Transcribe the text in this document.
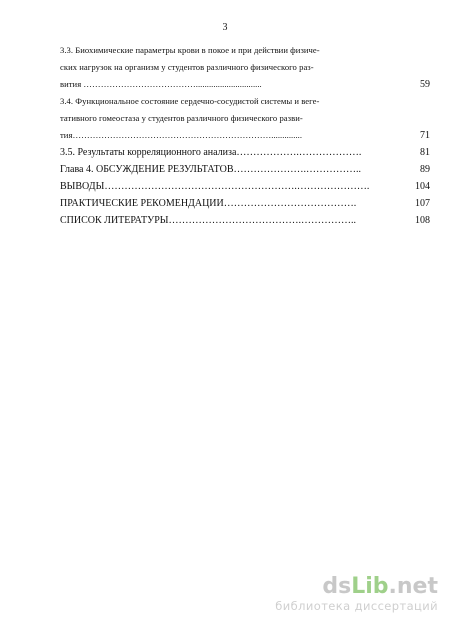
3
3.3. Биохимические параметры крови в покое и при действии физиче-
ских нагрузок на организм у студентов различного физического раз-
вития …………………………………..............................	59
3.4. Функциональное состояние сердечно-сосудистой системы и веге-
тативного гомеостаза у студентов различного физического разви-
тия……………………………………………………………..............	71
3.5. Результаты корреляционного анализа……………….……………….	81
Глава 4. ОБСУЖДЕНИЕ РЕЗУЛЬТАТОВ………………….……………..	89
ВЫВОДЫ………………………………………………….………………….	104
ПРАКТИЧЕСКИЕ РЕКОМЕНДАЦИИ………………………………….	107
СПИСОК ЛИТЕРАТУРЫ………………………………….……………..	108
dsLib.net
библиотека диссертаций
